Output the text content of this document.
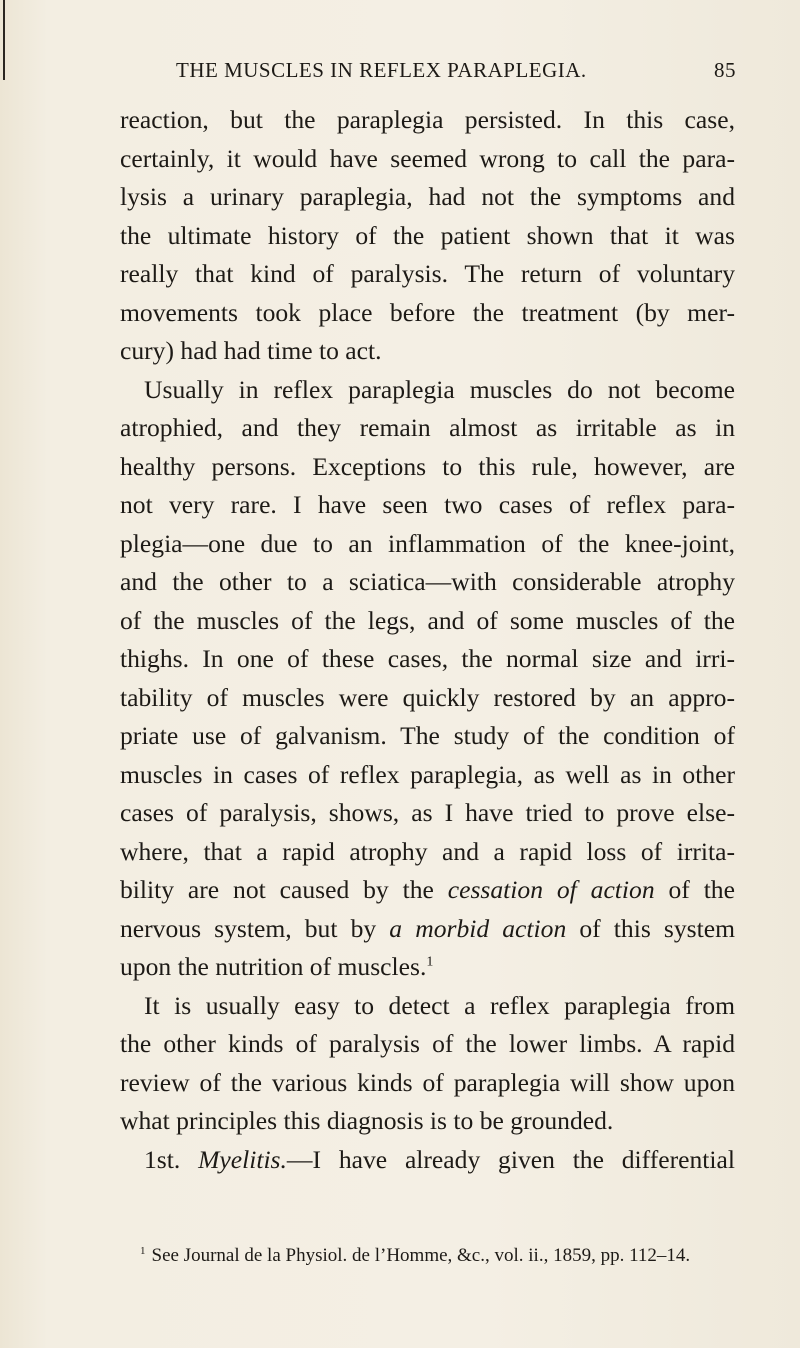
THE MUSCLES IN REFLEX PARAPLEGIA.	85
reaction, but the paraplegia persisted. In this case,
certainly, it would have seemed wrong to call the para-
lysis a urinary paraplegia, had not the symptoms and
the ultimate history of the patient shown that it was
really that kind of paralysis. The return of voluntary
movements took place before the treatment (by mer-
cury) had had time to act.
Usually in reflex paraplegia muscles do not become
atrophied, and they remain almost as irritable as in
healthy persons. Exceptions to this rule, however, are
not very rare. I have seen two cases of reflex para-
plegia—one due to an inflammation of the knee-joint,
and the other to a sciatica—with considerable atrophy
of the muscles of the legs, and of some muscles of the
thighs. In one of these cases, the normal size and irri-
tability of muscles were quickly restored by an appro-
priate use of galvanism. The study of the condition of
muscles in cases of reflex paraplegia, as well as in other
cases of paralysis, shows, as I have tried to prove else-
where, that a rapid atrophy and a rapid loss of irrita-
bility are not caused by the cessation of action of the
nervous system, but by a morbid action of this system
upon the nutrition of muscles.$^1$
It is usually easy to detect a reflex paraplegia from
the other kinds of paralysis of the lower limbs. A rapid
review of the various kinds of paraplegia will show upon
what principles this diagnosis is to be grounded.
1st. Myelitis.—I have already given the differential
$^1$ See Journal de la Physiol. de l’Homme, &c., vol. ii., 1859, pp. 112–14.
